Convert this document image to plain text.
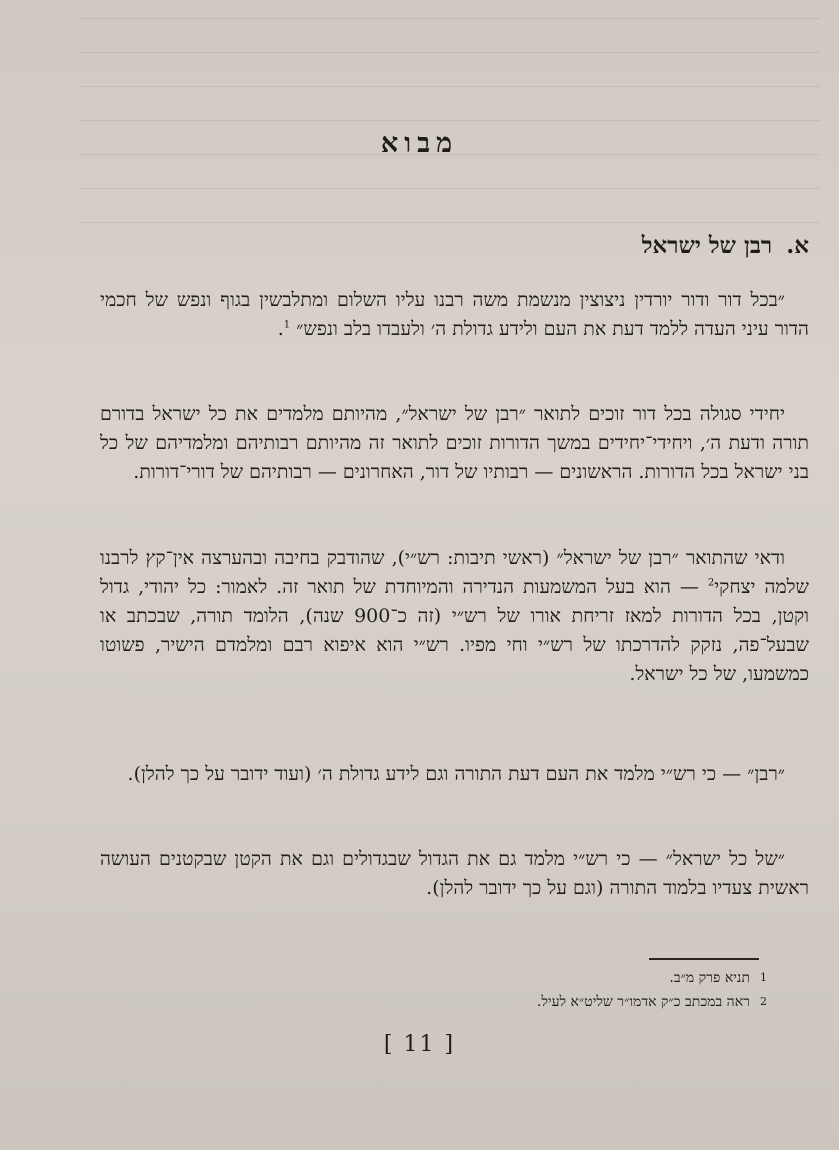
מבוא
א.
רבן של ישראל

״בכל דור ודור יורדין ניצוצין מנשמת משה רבנו עליו השלום ומתלבשין בגוף ונפש של חכמי הדור עיני העדה ללמד דעת את העם ולידע גדולת ה׳ ולעבדו בלב ונפש״ $^1$.

יחידי סגולה בכל דור זוכים לתואר ״רבן של ישראל״, מהיותם מלמדים את כל ישראל בדורם תורה ודעת ה׳, ויחידי־יחידים במשך הדורות זוכים לתואר זה מהיותם רבותיהם ומלמדיהם של כל בני ישראל בכל הדורות. הראשונים — רבותיו של דור, האחרונים — רבותיהם של דורי־דורות.

ודאי שהתואר ״רבן של ישראל״ (ראשי תיבות: רש״י), שהודבק בחיבה ובהערצה אין־קץ לרבנו שלמה יצחקי$^2$ — הוא בעל המשמעות הנדירה והמיוחדת של תואר זה. לאמור: כל יהודי, גדול וקטן, בכל הדורות למאז זריחת אורו של רש״י (זה כ־900 שנה), הלומד תורה, שבכתב או שבעל־פה, נזקק להדרכתו של רש״י וחי מפיו. רש״י הוא איפוא רבם ומלמדם הישיר, פשוטו כמשמעו, של כל ישראל.

״רבן״ — כי רש״י מלמד את העם דעת התורה וגם לידע גדולת ה׳ (ועוד ידובר על כך להלן).

״של כל ישראל״ — כי רש״י מלמד גם את הגדול שבגדולים וגם את הקטן שבקטנים העושה ראשית צעדיו בלמוד התורה (וגם על כך ידובר להלן).

1
תניא פרק מ״ב.
2
ראה במכתב כ״ק אדמו״ר שליט״א לעיל.
[ 11 ]
